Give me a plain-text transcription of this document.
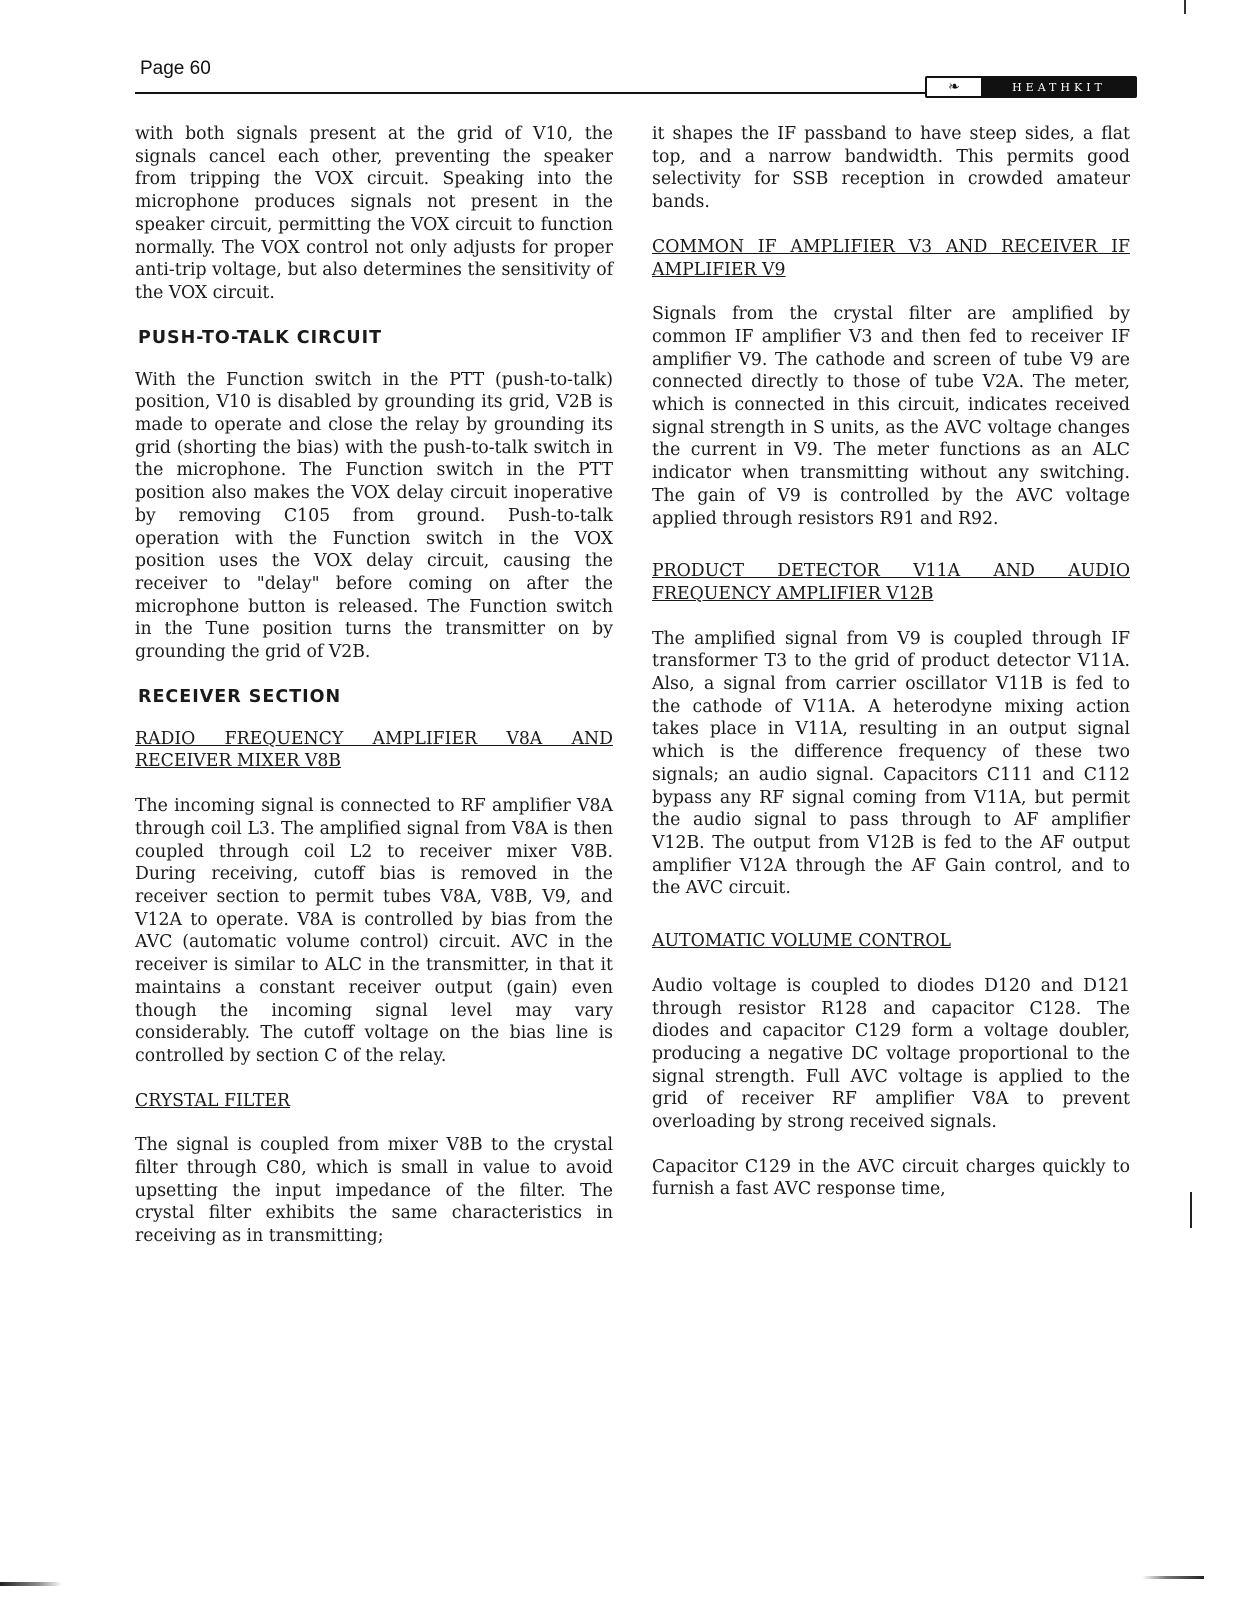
Page 60
❧	HEATHKIT

with both signals present at the grid of V10, the signals cancel each other, preventing the speaker from tripping the VOX circuit. Speaking into the microphone produces signals not present in the speaker circuit, permitting the VOX circuit to function normally. The VOX control not only adjusts for proper anti-trip voltage, but also determines the sensitivity of the VOX circuit.

PUSH-TO-TALK CIRCUIT

With the Function switch in the PTT (push-to-talk) position, V10 is disabled by grounding its grid, V2B is made to operate and close the relay by grounding its grid (shorting the bias) with the push-to-talk switch in the microphone. The Function switch in the PTT position also makes the VOX delay circuit inoperative by removing C105 from ground. Push-to-talk operation with the Function switch in the VOX position uses the VOX delay circuit, causing the receiver to "delay" before coming on after the microphone button is released. The Function switch in the Tune position turns the transmitter on by grounding the grid of V2B.

RECEIVER SECTION
RADIO FREQUENCY AMPLIFIER V8A AND RECEIVER MIXER V8B

The incoming signal is connected to RF amplifier V8A through coil L3. The amplified signal from V8A is then coupled through coil L2 to receiver mixer V8B. During receiving, cutoff bias is removed in the receiver section to permit tubes V8A, V8B, V9, and V12A to operate. V8A is controlled by bias from the AVC (automatic volume control) circuit. AVC in the receiver is similar to ALC in the transmitter, in that it maintains a constant receiver output (gain) even though the incoming signal level may vary considerably. The cutoff voltage on the bias line is controlled by section C of the relay.

CRYSTAL FILTER

The signal is coupled from mixer V8B to the crystal filter through C80, which is small in value to avoid upsetting the input impedance of the filter. The crystal filter exhibits the same characteristics in receiving as in transmitting;

it shapes the IF passband to have steep sides, a flat top, and a narrow bandwidth. This permits good selectivity for SSB reception in crowded amateur bands.

COMMON IF AMPLIFIER V3 AND RECEIVER IF AMPLIFIER V9

Signals from the crystal filter are amplified by common IF amplifier V3 and then fed to receiver IF amplifier V9. The cathode and screen of tube V9 are connected directly to those of tube V2A. The meter, which is connected in this circuit, indicates received signal strength in S units, as the AVC voltage changes the current in V9. The meter functions as an ALC indicator when transmitting without any switching. The gain of V9 is controlled by the AVC voltage applied through resistors R91 and R92.

PRODUCT DETECTOR V11A AND AUDIO FREQUENCY AMPLIFIER V12B

The amplified signal from V9 is coupled through IF transformer T3 to the grid of product detector V11A. Also, a signal from carrier oscillator V11B is fed to the cathode of V11A. A heterodyne mixing action takes place in V11A, resulting in an output signal which is the difference frequency of these two signals; an audio signal. Capacitors C111 and C112 bypass any RF signal coming from V11A, but permit the audio signal to pass through to AF amplifier V12B. The output from V12B is fed to the AF output amplifier V12A through the AF Gain control, and to the AVC circuit.

AUTOMATIC VOLUME CONTROL

Audio voltage is coupled to diodes D120 and D121 through resistor R128 and capacitor C128. The diodes and capacitor C129 form a voltage doubler, producing a negative DC voltage proportional to the signal strength. Full AVC voltage is applied to the grid of receiver RF amplifier V8A to prevent overloading by strong received signals.

Capacitor C129 in the AVC circuit charges quickly to furnish a fast AVC response time,
